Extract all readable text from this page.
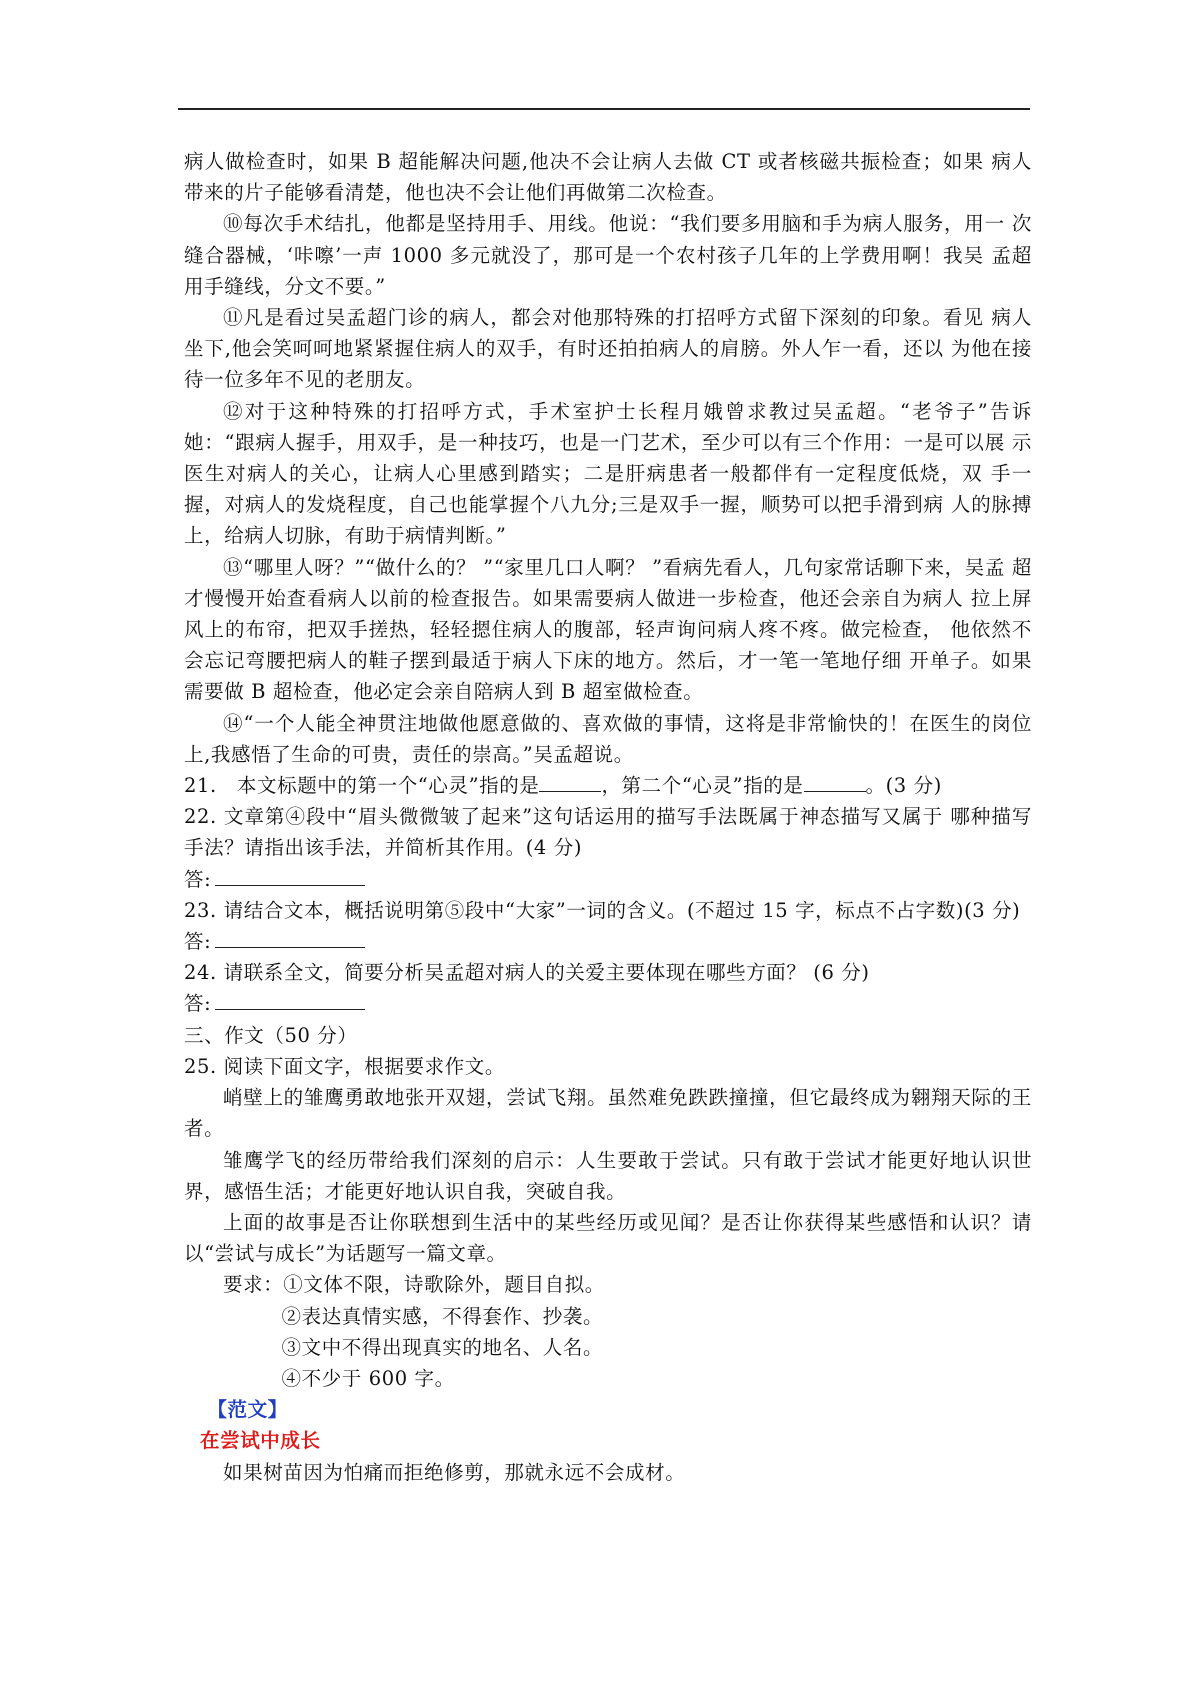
病人做检查时，如果 B 超能解决问题,他决不会让病人去做 CT 或者核磁共振检查；如果 病人带来的片子能够看清楚，他也决不会让他们再做第二次检查。

⑩每次手术结扎，他都是坚持用手、用线。他说：“我们要多用脑和手为病人服务，用一 次缝合器械，‘咔嚓’一声 1000 多元就没了，那可是一个农村孩子几年的上学费用啊！我吴 孟超用手缝线，分文不要。”

⑪凡是看过吴孟超门诊的病人，都会对他那特殊的打招呼方式留下深刻的印象。看见 病人坐下,他会笑呵呵地紧紧握住病人的双手，有时还拍拍病人的肩膀。外人乍一看，还以 为他在接待一位多年不见的老朋友。

⑫对于这种特殊的打招呼方式，手术室护士长程月娥曾求教过吴孟超。“老爷子”告诉她：“跟病人握手，用双手，是一种技巧，也是一门艺术，至少可以有三个作用：一是可以展 示医生对病人的关心，让病人心里感到踏实；二是肝病患者一般都伴有一定程度低烧，双 手一握，对病人的发烧程度，自己也能掌握个八九分;三是双手一握，顺势可以把手滑到病 人的脉搏上，给病人切脉，有助于病情判断。”

⑬“哪里人呀？”“做什么的？ ”“家里几口人啊？ ”看病先看人，几句家常话聊下来，吴孟 超才慢慢开始查看病人以前的检查报告。如果需要病人做进一步检查，他还会亲自为病人 拉上屏风上的布帘，把双手搓热，轻轻摁住病人的腹部，轻声询问病人疼不疼。做完检查， 他依然不会忘记弯腰把病人的鞋子摆到最适于病人下床的地方。然后，才一笔一笔地仔细 开单子。如果需要做 B 超检查，他必定会亲自陪病人到 B 超室做检查。

⑭“一个人能全神贯注地做他愿意做的、喜欢做的事情，这将是非常愉快的！在医生的岗位上,我感悟了生命的可贵，责任的崇高。”吴孟超说。

21.　本文标题中的第一个“心灵”指的是	，第二个“心灵”指的是	。(3 分)

22. 文章第④段中“眉头微微皱了起来”这句话运用的描写手法既属于神态描写又属于 哪种描写手法？请指出该手法，并简析其作用。(4 分)

答:

23. 请结合文本，概括说明第⑤段中“大家”一词的含义。(不超过 15 字，标点不占字数)(3 分)

答:

24. 请联系全文，简要分析吴孟超对病人的关爱主要体现在哪些方面？ (6 分)

答:

三、作文（50 分）

25. 阅读下面文字，根据要求作文。

峭壁上的雏鹰勇敢地张开双翅，尝试飞翔。虽然难免跌跌撞撞，但它最终成为翱翔天际的王者。

雏鹰学飞的经历带给我们深刻的启示：人生要敢于尝试。只有敢于尝试才能更好地认识世界，感悟生活；才能更好地认识自我，突破自我。

上面的故事是否让你联想到生活中的某些经历或见闻？是否让你获得某些感悟和认识？请以“尝试与成长”为话题写一篇文章。

要求：①文体不限，诗歌除外，题目自拟。

②表达真情实感，不得套作、抄袭。

③文中不得出现真实的地名、人名。

④不少于 600 字。

【范文】

在尝试中成长

如果树苗因为怕痛而拒绝修剪，那就永远不会成材。
